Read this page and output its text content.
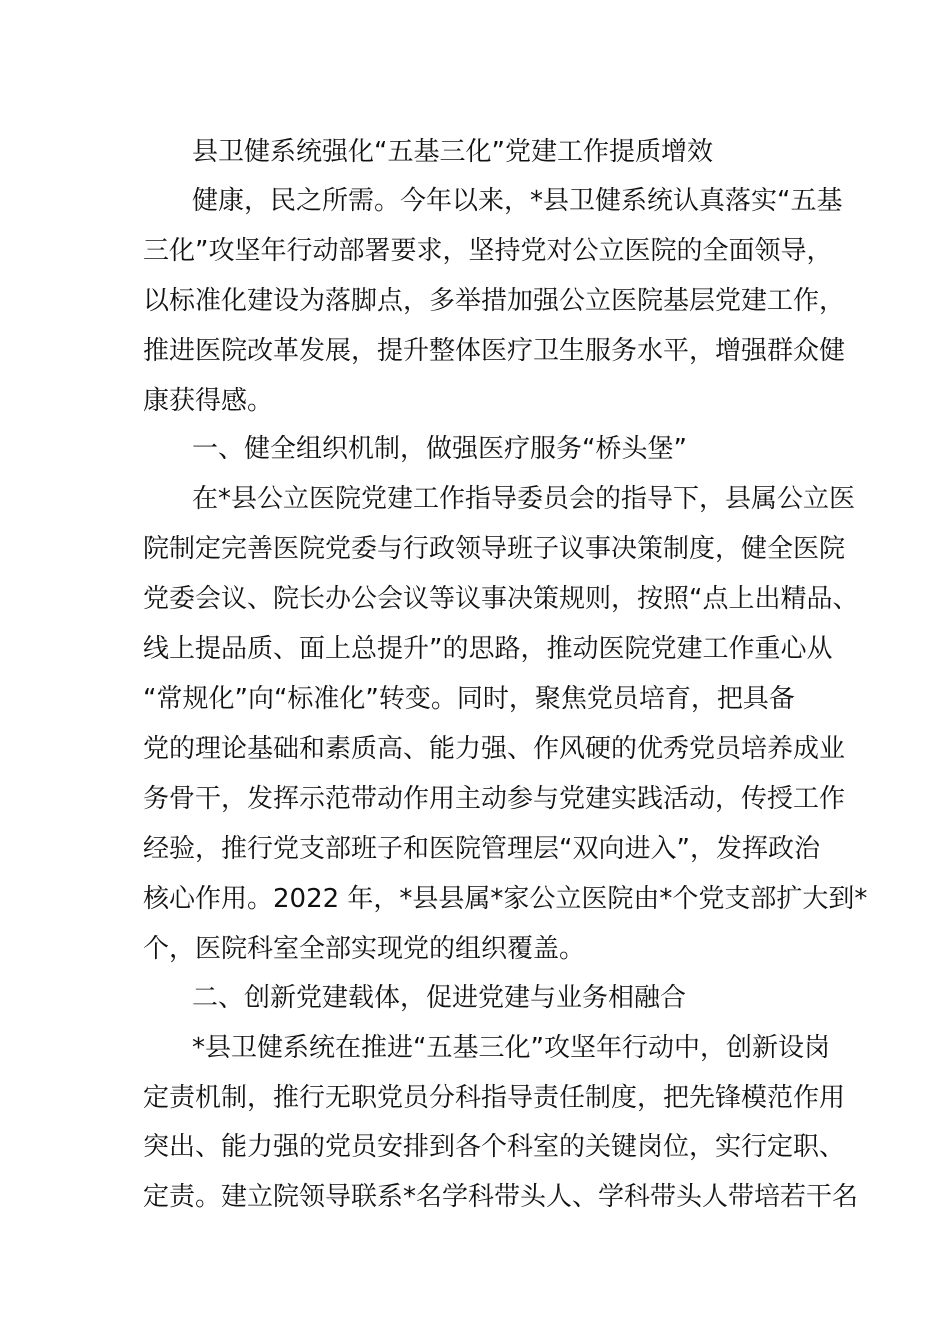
县卫健系统强化“五基三化”党建工作提质增效
健康，民之所需。今年以来，*县卫健系统认真落实“五基
三化”攻坚年行动部署要求，坚持党对公立医院的全面领导，
以标准化建设为落脚点，多举措加强公立医院基层党建工作，
推进医院改革发展，提升整体医疗卫生服务水平，增强群众健
康获得感。
一、健全组织机制，做强医疗服务“桥头堡”
在*县公立医院党建工作指导委员会的指导下，县属公立医
院制定完善医院党委与行政领导班子议事决策制度，健全医院
党委会议、院长办公会议等议事决策规则，按照“点上出精品、
线上提品质、面上总提升”的思路，推动医院党建工作重心从
“常规化”向“标准化”转变。同时，聚焦党员培育，把具备
党的理论基础和素质高、能力强、作风硬的优秀党员培养成业
务骨干，发挥示范带动作用主动参与党建实践活动，传授工作
经验，推行党支部班子和医院管理层“双向进入”，发挥政治
核心作用。2022 年，*县县属*家公立医院由*个党支部扩大到*
个，医院科室全部实现党的组织覆盖。
二、创新党建载体，促进党建与业务相融合
*县卫健系统在推进“五基三化”攻坚年行动中，创新设岗
定责机制，推行无职党员分科指导责任制度，把先锋模范作用
突出、能力强的党员安排到各个科室的关键岗位，实行定职、
定责。建立院领导联系*名学科带头人、学科带头人带培若干名
